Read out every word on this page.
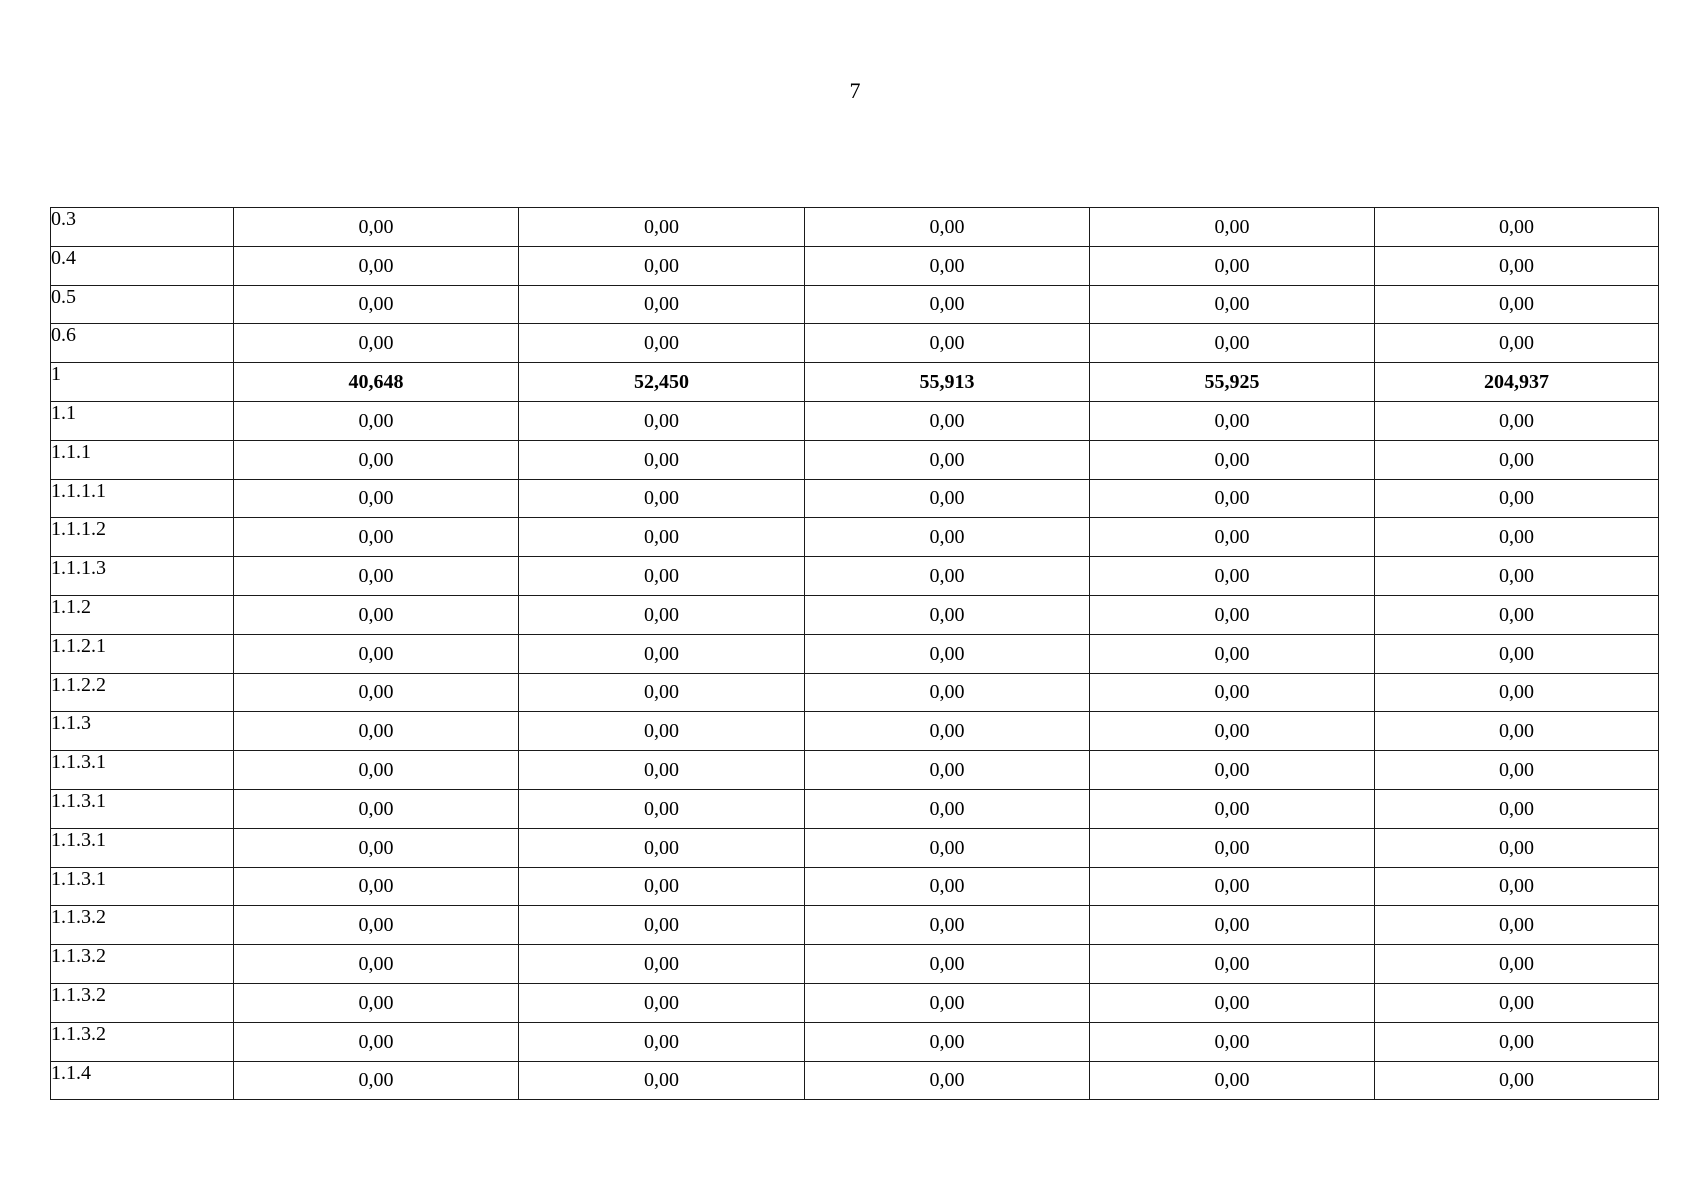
7
0.3	0,00	0,00	0,00	0,00	0,00
0.4	0,00	0,00	0,00	0,00	0,00
0.5	0,00	0,00	0,00	0,00	0,00
0.6	0,00	0,00	0,00	0,00	0,00
1	40,648	52,450	55,913	55,925	204,937
1.1	0,00	0,00	0,00	0,00	0,00
1.1.1	0,00	0,00	0,00	0,00	0,00
1.1.1.1	0,00	0,00	0,00	0,00	0,00
1.1.1.2	0,00	0,00	0,00	0,00	0,00
1.1.1.3	0,00	0,00	0,00	0,00	0,00
1.1.2	0,00	0,00	0,00	0,00	0,00
1.1.2.1	0,00	0,00	0,00	0,00	0,00
1.1.2.2	0,00	0,00	0,00	0,00	0,00
1.1.3	0,00	0,00	0,00	0,00	0,00
1.1.3.1	0,00	0,00	0,00	0,00	0,00
1.1.3.1	0,00	0,00	0,00	0,00	0,00
1.1.3.1	0,00	0,00	0,00	0,00	0,00
1.1.3.1	0,00	0,00	0,00	0,00	0,00
1.1.3.2	0,00	0,00	0,00	0,00	0,00
1.1.3.2	0,00	0,00	0,00	0,00	0,00
1.1.3.2	0,00	0,00	0,00	0,00	0,00
1.1.3.2	0,00	0,00	0,00	0,00	0,00
1.1.4	0,00	0,00	0,00	0,00	0,00
